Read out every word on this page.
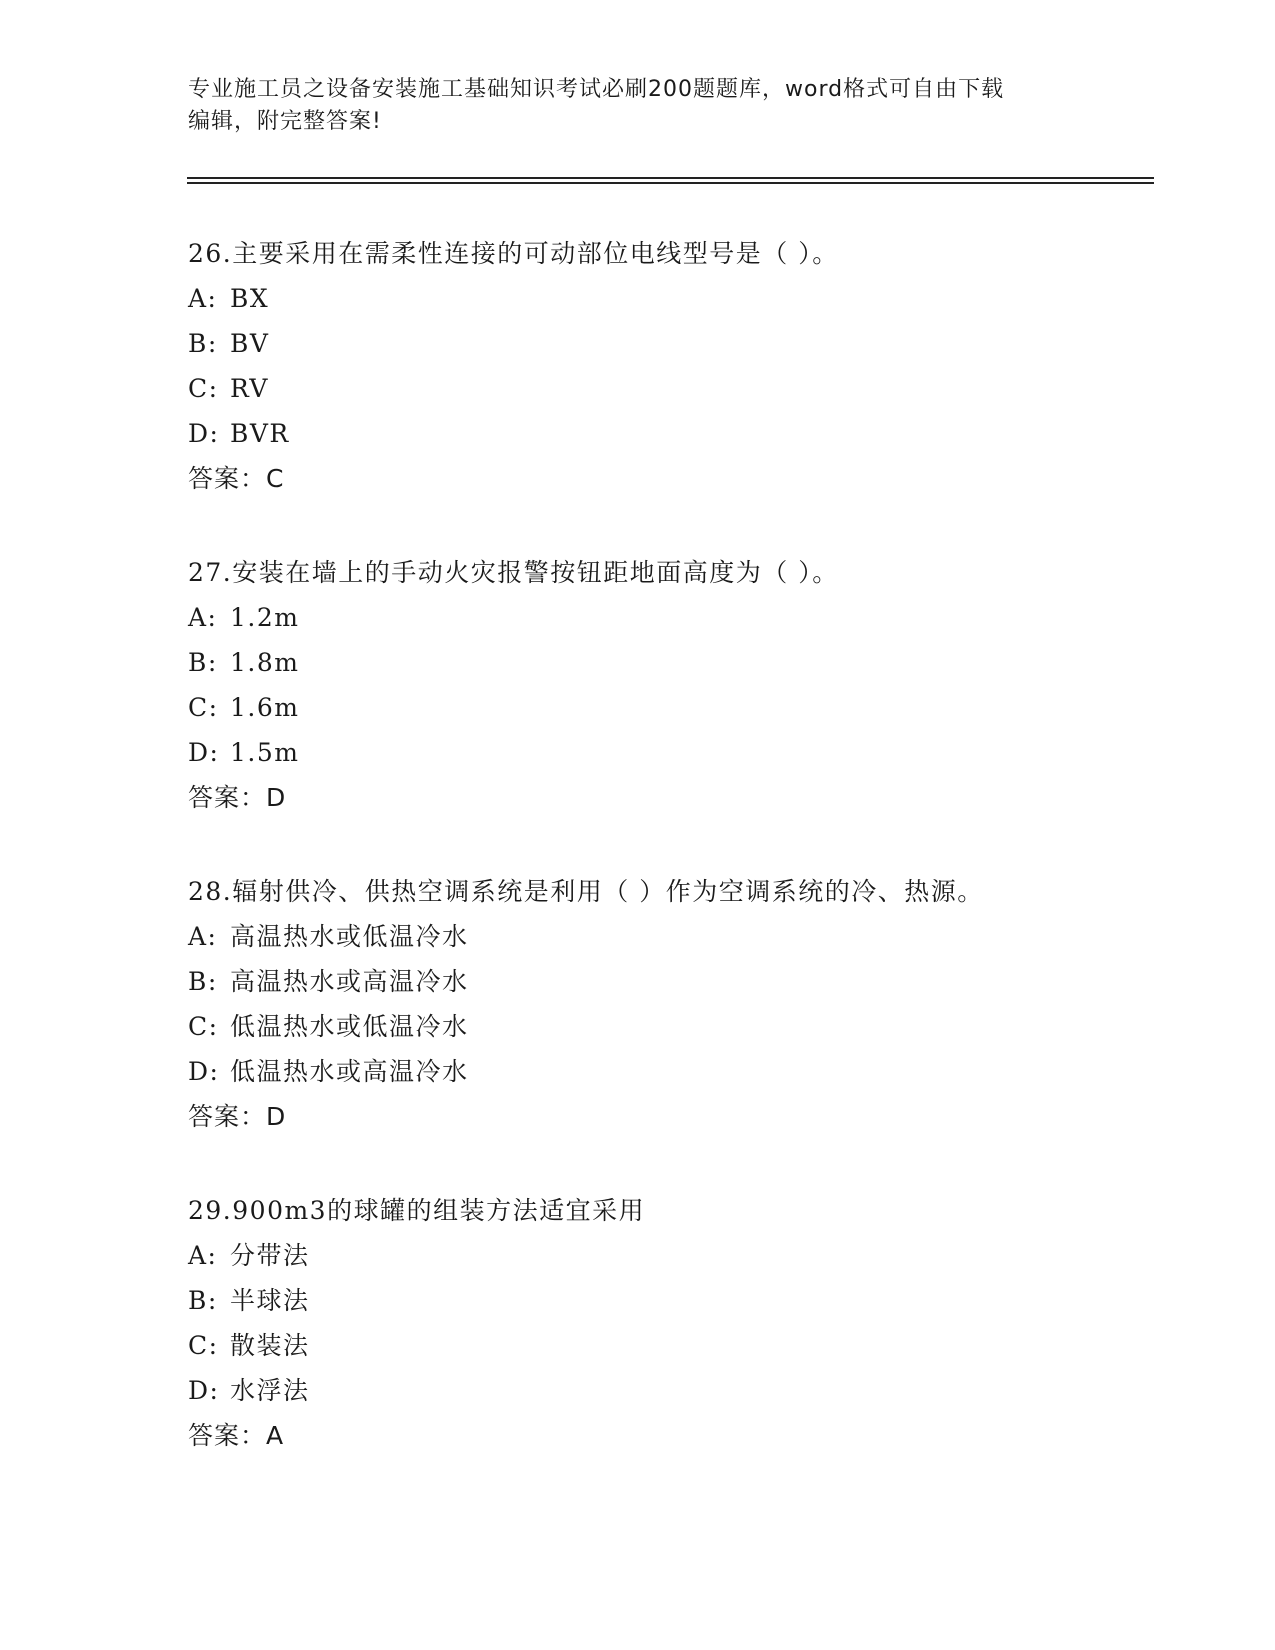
专业施工员之设备安装施工基础知识考试必刷200题题库，word格式可自由下载
编辑，附完整答案!
26.主要采用在需柔性连接的可动部位电线型号是（ ）。
A: BX
B: BV
C: RV
D: BVR
答案：C
27.安装在墙上的手动火灾报警按钮距地面高度为（ ）。
A: 1.2m
B: 1.8m
C: 1.6m
D: 1.5m
答案：D
28.辐射供冷、供热空调系统是利用（ ）作为空调系统的冷、热源。
A: 高温热水或低温冷水
B: 高温热水或高温冷水
C: 低温热水或低温冷水
D: 低温热水或高温冷水
答案：D
29.900m3的球罐的组装方法适宜采用
A: 分带法
B: 半球法
C: 散装法
D: 水浮法
答案：A
